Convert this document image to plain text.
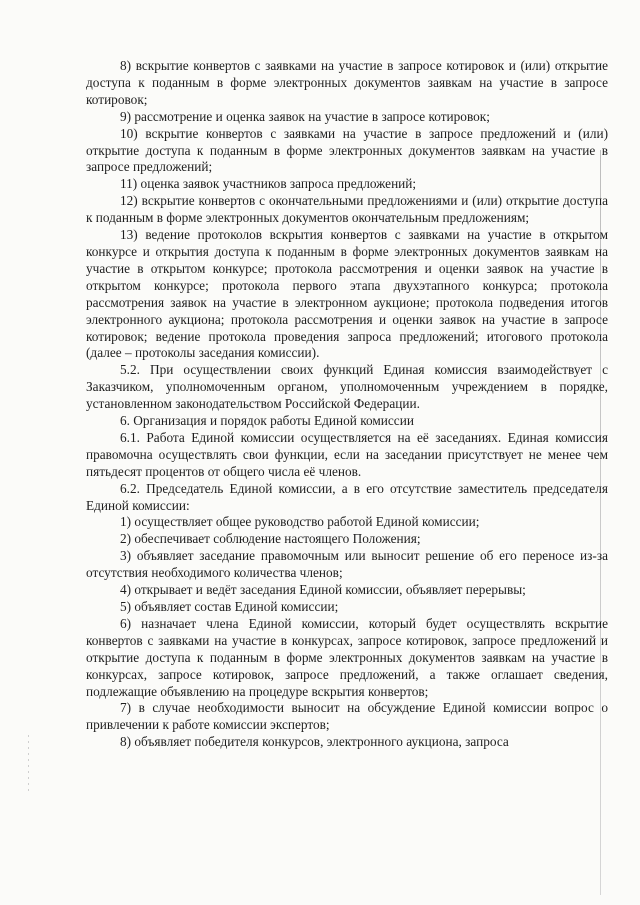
8) вскрытие конвертов с заявками на участие в запросе котировок и (или) открытие доступа к поданным в форме электронных документов заявкам на участие в запросе котировок;

9) рассмотрение и оценка заявок на участие в запросе котировок;

10) вскрытие конвертов с заявками на участие в запросе предложений и (или) открытие доступа к поданным в форме электронных документов заявкам на участие в запросе предложений;

11) оценка заявок участников запроса предложений;

12) вскрытие конвертов с окончательными предложениями и (или) открытие доступа к поданным в форме электронных документов окончательным предложениям;

13) ведение протоколов вскрытия конвертов с заявками на участие в открытом конкурсе и открытия доступа к поданным в форме электронных документов заявкам на участие в открытом конкурсе; протокола рассмотрения и оценки заявок на участие в открытом конкурсе; протокола первого этапа двухэтапного конкурса; протокола рассмотрения заявок на участие в электронном аукционе; протокола подведения итогов электронного аукциона; протокола рассмотрения и оценки заявок на участие в запросе котировок; ведение протокола проведения запроса предложений; итогового протокола (далее – протоколы заседания комиссии).

5.2. При осуществлении своих функций Единая комиссия взаимодействует с Заказчиком, уполномоченным органом, уполномоченным учреждением в порядке, установленном законодательством Российской Федерации.

6. Организация и порядок работы Единой комиссии

6.1. Работа Единой комиссии осуществляется на её заседаниях. Единая комиссия правомочна осуществлять свои функции, если на заседании присутствует не менее чем пятьдесят процентов от общего числа её членов.

6.2. Председатель Единой комиссии, а в его отсутствие заместитель председателя Единой комиссии:

1) осуществляет общее руководство работой Единой комиссии;

2) обеспечивает соблюдение настоящего Положения;

3) объявляет заседание правомочным или выносит решение об его переносе из-за отсутствия необходимого количества членов;

4) открывает и ведёт заседания Единой комиссии, объявляет перерывы;

5) объявляет состав Единой комиссии;

6) назначает члена Единой комиссии, который будет осуществлять вскрытие конвертов с заявками на участие в конкурсах, запросе котировок, запросе предложений и открытие доступа к поданным в форме электронных документов заявкам на участие в конкурсах, запросе котировок, запросе предложений, а также оглашает сведения, подлежащие объявлению на процедуре вскрытия конвертов;

7) в случае необходимости выносит на обсуждение Единой комиссии вопрос о привлечении к работе комиссии экспертов;

8) объявляет победителя конкурсов, электронного аукциона, запроса
